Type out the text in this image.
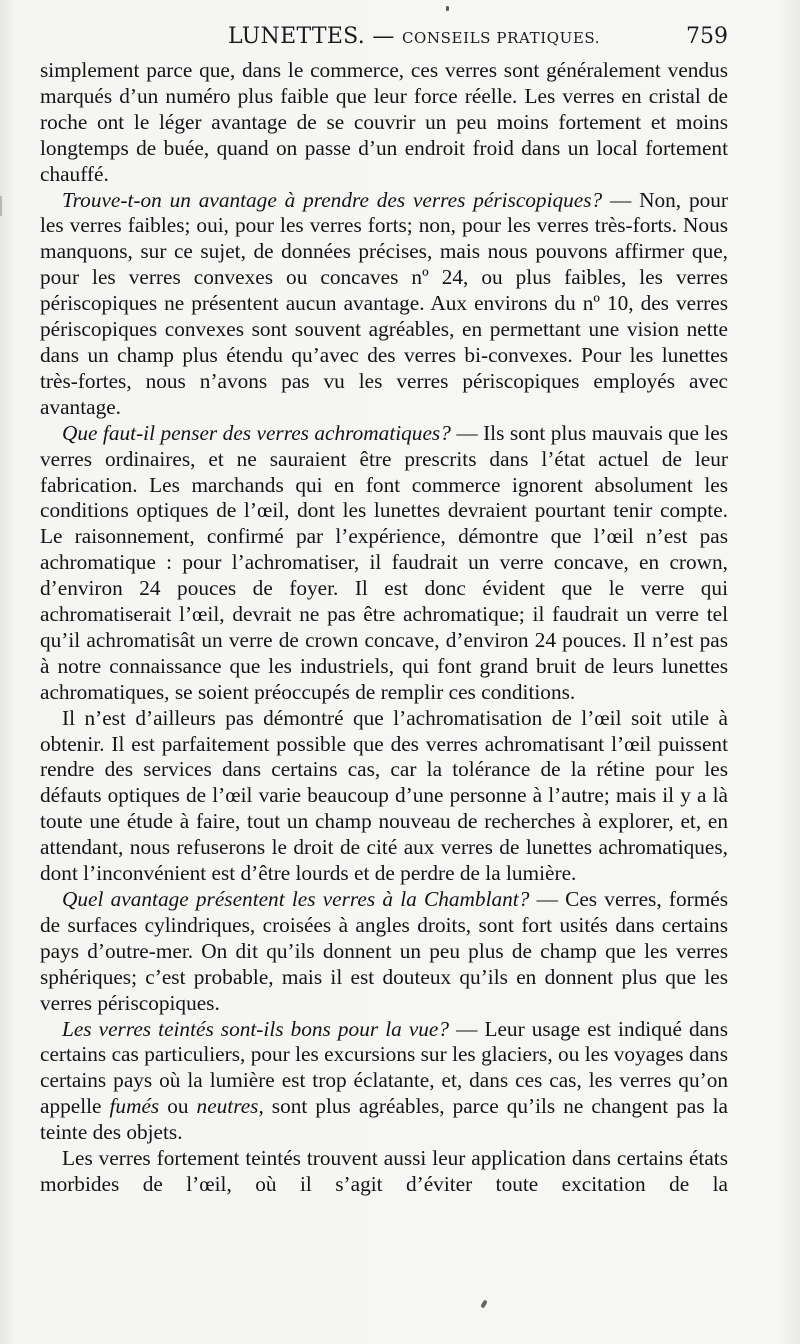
LUNETTES. — CONSEILS PRATIQUES.	759

simplement parce que, dans le commerce, ces verres sont généralement vendus marqués d’un numéro plus faible que leur force réelle. Les verres en cristal de roche ont le léger avantage de se couvrir un peu moins fortement et moins longtemps de buée, quand on passe d’un endroit froid dans un local fortement chauffé.

Trouve-t-on un avantage à prendre des verres périscopiques? — Non, pour les verres faibles; oui, pour les verres forts; non, pour les verres très-forts. Nous manquons, sur ce sujet, de données précises, mais nous pouvons affirmer que, pour les verres convexes ou concaves nº 24, ou plus faibles, les verres périscopiques ne présentent aucun avantage. Aux environs du nº 10, des verres périscopiques convexes sont souvent agréables, en permettant une vision nette dans un champ plus étendu qu’avec des verres bi-convexes. Pour les lunettes très-fortes, nous n’avons pas vu les verres périscopiques employés avec avantage.

Que faut-il penser des verres achromatiques? — Ils sont plus mauvais que les verres ordinaires, et ne sauraient être prescrits dans l’état actuel de leur fabrication. Les marchands qui en font commerce ignorent absolument les conditions optiques de l’œil, dont les lunettes devraient pourtant tenir compte. Le raisonnement, confirmé par l’expérience, démontre que l’œil n’est pas achromatique : pour l’achromatiser, il faudrait un verre concave, en crown, d’environ 24 pouces de foyer. Il est donc évident que le verre qui achromatiserait l’œil, devrait ne pas être achromatique; il faudrait un verre tel qu’il achromatisât un verre de crown concave, d’environ 24 pouces. Il n’est pas à notre connaissance que les industriels, qui font grand bruit de leurs lunettes achromatiques, se soient préoccupés de remplir ces conditions.

Il n’est d’ailleurs pas démontré que l’achromatisation de l’œil soit utile à obtenir. Il est parfaitement possible que des verres achromatisant l’œil puissent rendre des services dans certains cas, car la tolérance de la rétine pour les défauts optiques de l’œil varie beaucoup d’une personne à l’autre; mais il y a là toute une étude à faire, tout un champ nouveau de recherches à explorer, et, en attendant, nous refuserons le droit de cité aux verres de lunettes achromatiques, dont l’inconvénient est d’être lourds et de perdre de la lumière.

Quel avantage présentent les verres à la Chamblant? — Ces verres, formés de surfaces cylindriques, croisées à angles droits, sont fort usités dans certains pays d’outre-mer. On dit qu’ils donnent un peu plus de champ que les verres sphériques; c’est probable, mais il est douteux qu’ils en donnent plus que les verres périscopiques.

Les verres teintés sont-ils bons pour la vue? — Leur usage est indiqué dans certains cas particuliers, pour les excursions sur les glaciers, ou les voyages dans certains pays où la lumière est trop éclatante, et, dans ces cas, les verres qu’on appelle fumés ou neutres, sont plus agréables, parce qu’ils ne changent pas la teinte des objets.

Les verres fortement teintés trouvent aussi leur application dans certains états morbides de l’œil, où il s’agit d’éviter toute excitation de la
